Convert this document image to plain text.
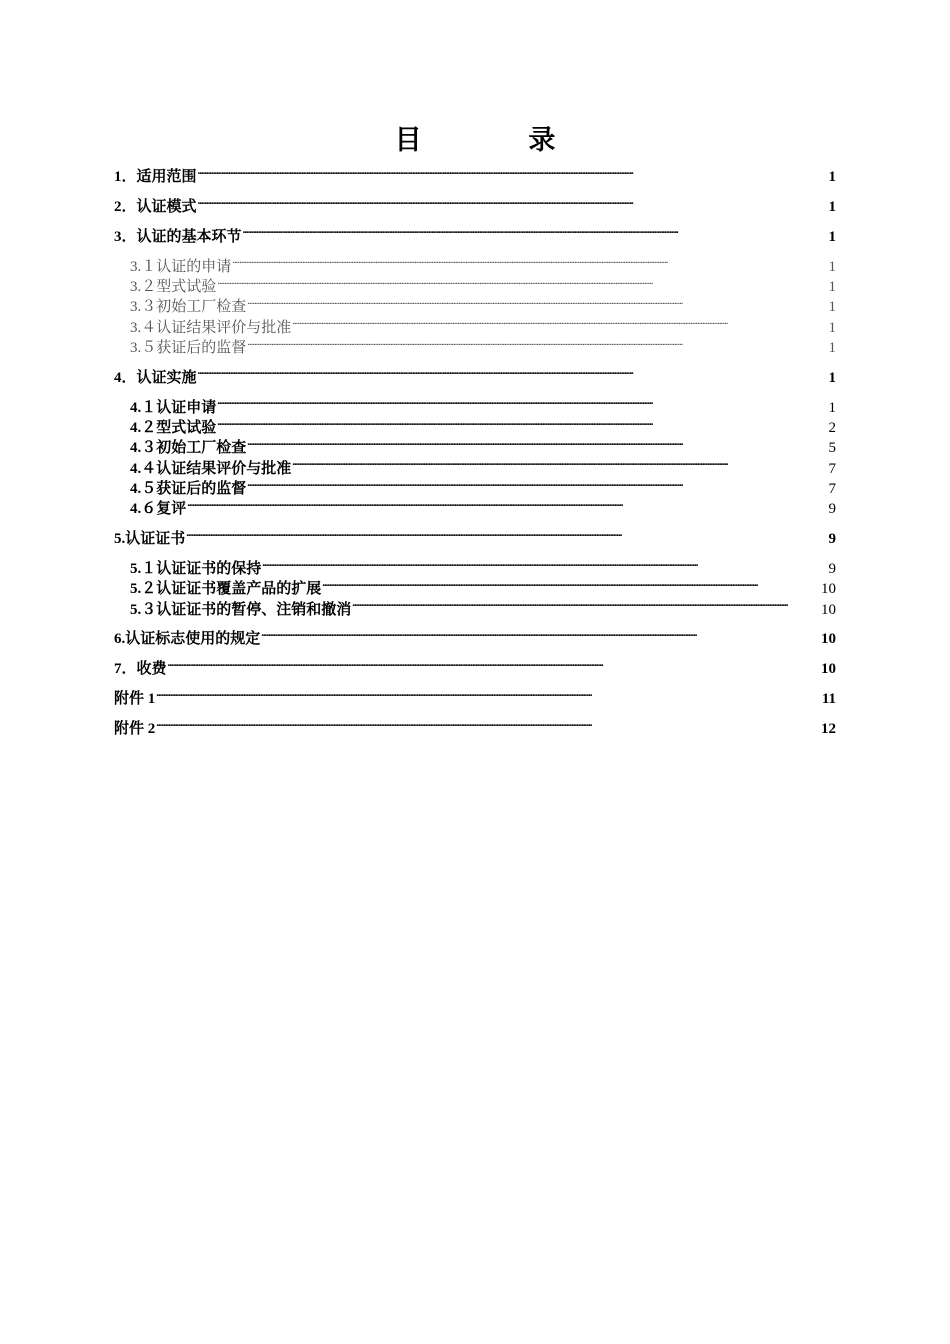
目 录
1．适用范围 . . .	1
2．认证模式 . . .	1
3．认证的基本环节 . . .	1
3.１认证的申请 . . .	1
3.２型式试验 . . .	1
3.３初始工厂检查 . . .	1
3.４认证结果评价与批准 . . .	1
3.５获证后的监督 . . .	1
4．认证实施 . . .	1
4.１认证申请 . . .	1
4.２型式试验 . . .	2
4.３初始工厂检查 . . .	5
4.４认证结果评价与批准 . . .	7
4.５获证后的监督 . . .	7
4.６复评 . . .	9
5.认证证书 . . .	9
5.１认证证书的保持 . . .	9
5.２认证证书覆盖产品的扩展 . . .	10
5.３认证证书的暂停、注销和撤消 . . .	10
6.认证标志使用的规定 . . .	10
7．收费 . . .	10
附件 1 . . .	11
附件 2 . . .	12
